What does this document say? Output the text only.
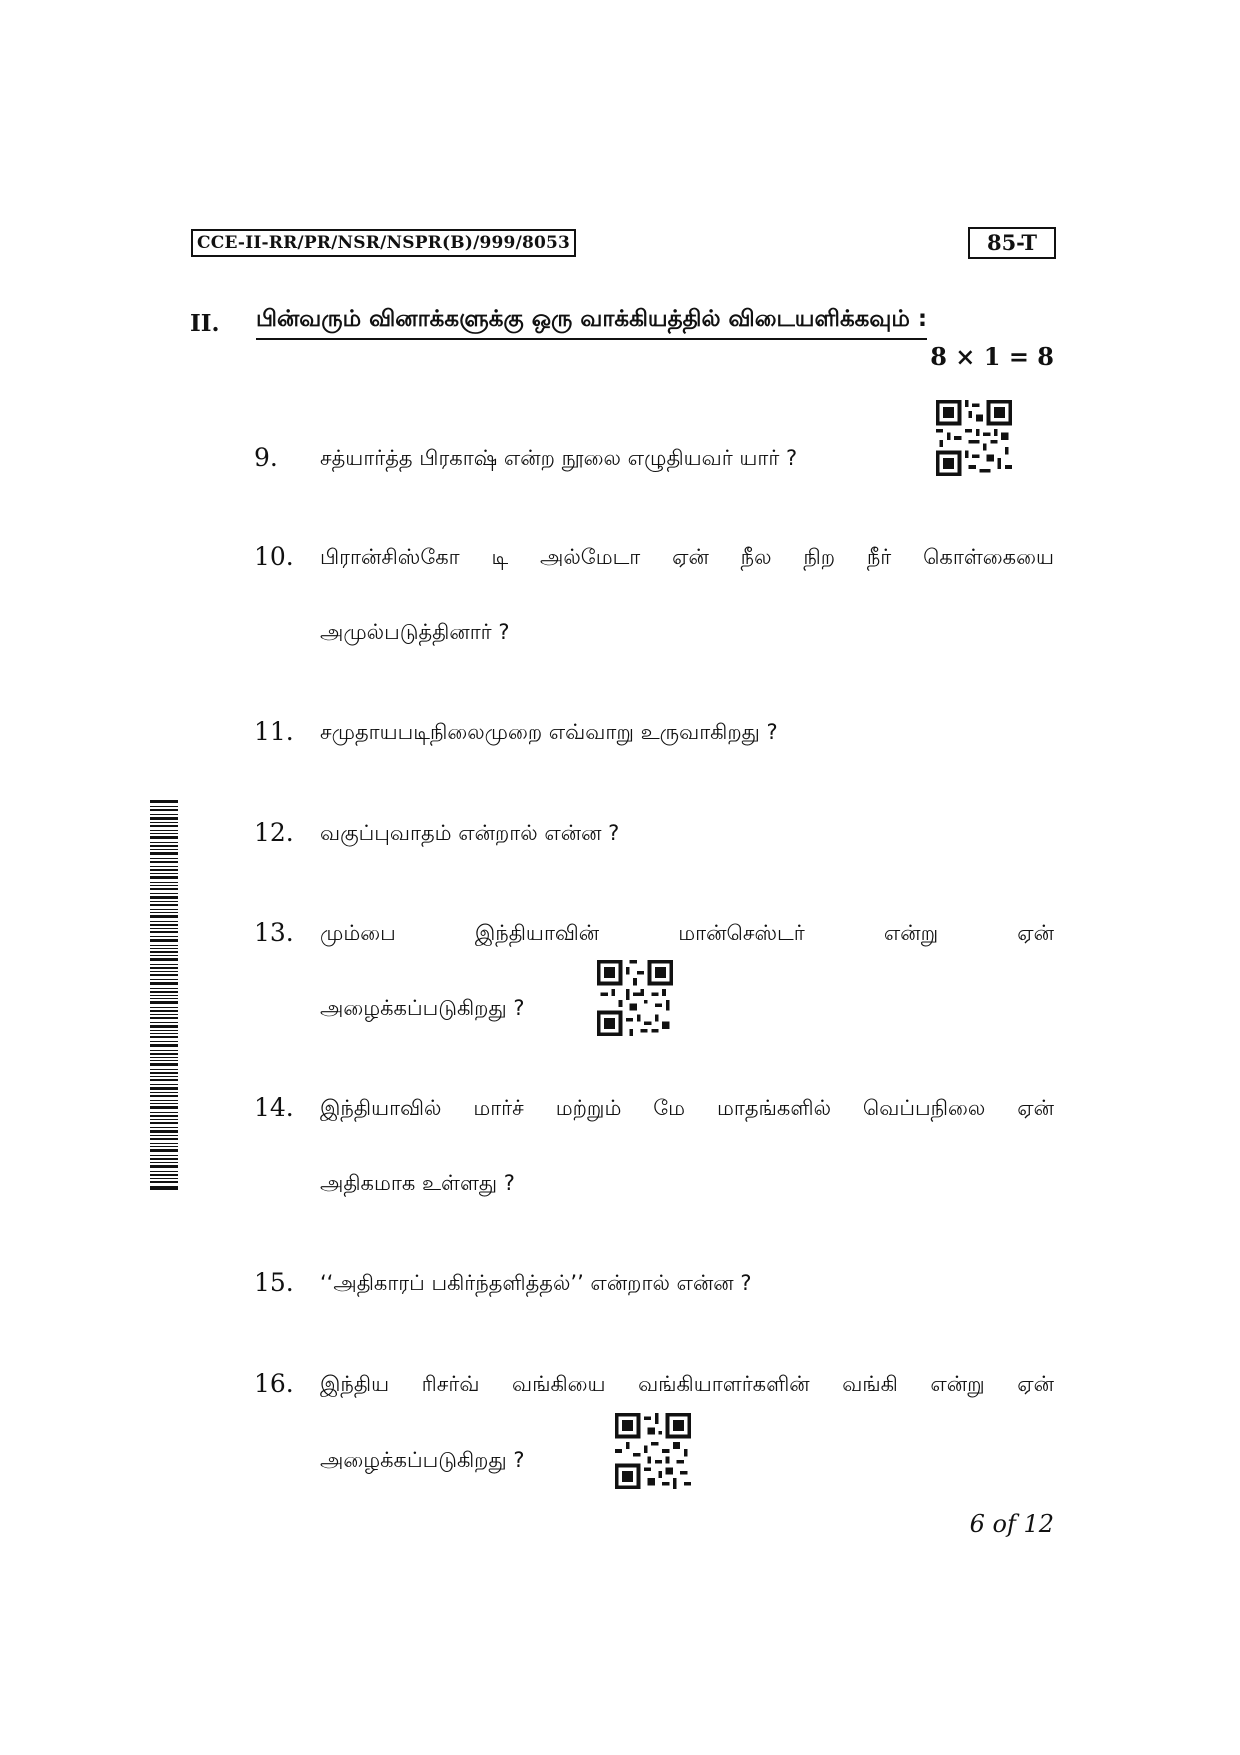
CCE-II-RR/PR/NSR/NSPR(B)/999/8053	85-T
II. பின்வரும் வினாக்களுக்கு ஒரு வாக்கியத்தில் விடையளிக்கவும் :
8 × 1 = 8
9. சத்யார்த்த பிரகாஷ் என்ற நூலை எழுதியவர் யார் ?
10. பிரான்சிஸ்கோ டி அல்மேடா ஏன் நீல நிற நீர் கொள்கையை
அமுல்படுத்தினார் ?
11. சமுதாயபடிநிலைமுறை எவ்வாறு உருவாகிறது ?
12. வகுப்புவாதம் என்றால் என்ன ?
13. மும்பை	இந்தியாவின்	மான்செஸ்டர்	என்று	ஏன்
அழைக்கப்படுகிறது ?
14. இந்தியாவில் மார்ச் மற்றும் மே மாதங்களில் வெப்பநிலை ஏன்
அதிகமாக உள்ளது ?
15. ‘‘அதிகாரப் பகிர்ந்தளித்தல்’’ என்றால் என்ன ?
16. இந்திய ரிசர்வ் வங்கியை வங்கியாளர்களின் வங்கி என்று ஏன்
அழைக்கப்படுகிறது ?
6 of 12
